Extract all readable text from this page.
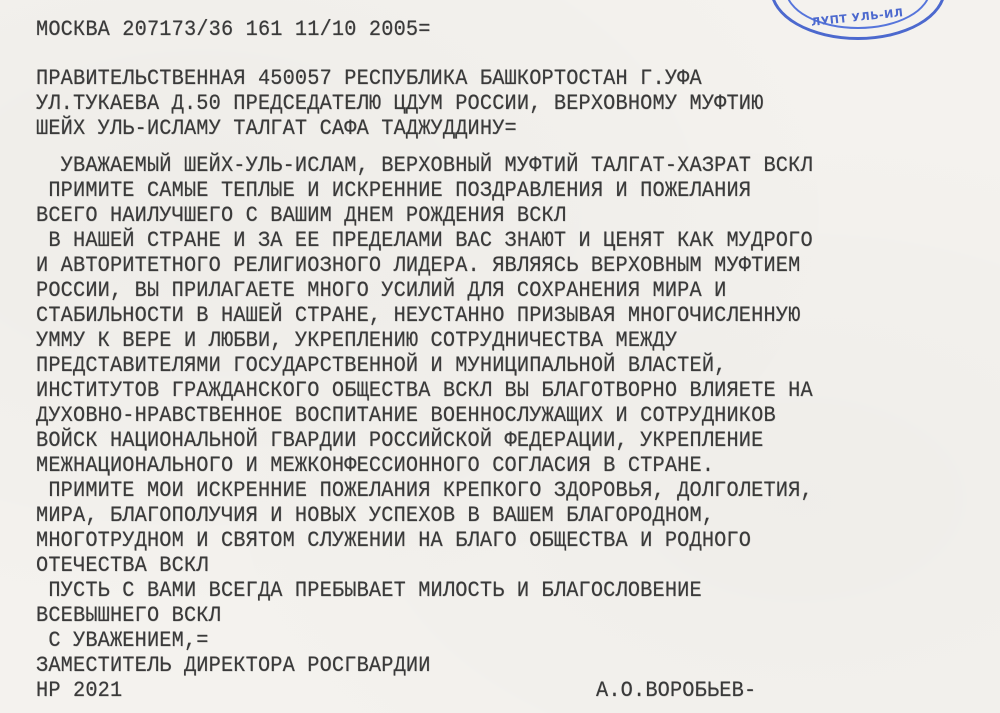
ЛУПТ УЛЬ-ИЛ
МОСКВА 207173/36 161 11/10 2005=
ПРАВИТЕЛЬСТВЕННАЯ 450057 РЕСПУБЛИКА БАШКОРТОСТАН Г.УФА
УЛ.ТУКАЕВА Д.50 ПРЕДСЕДАТЕЛЮ ЦДУМ РОССИИ, ВЕРХОВНОМУ МУФТИЮ
ШЕЙХ УЛЬ-ИСЛАМУ ТАЛГАТ САФА ТАДЖУДДИНУ=
УВАЖАЕМЫЙ ШЕЙХ-УЛЬ-ИСЛАМ, ВЕРХОВНЫЙ МУФТИЙ ТАЛГАТ-ХАЗРАТ ВСКЛ
ПРИМИТЕ САМЫЕ ТЕПЛЫЕ И ИСКРЕННИЕ ПОЗДРАВЛЕНИЯ И ПОЖЕЛАНИЯ
ВСЕГО НАИЛУЧШЕГО С ВАШИМ ДНЕМ РОЖДЕНИЯ ВСКЛ
В НАШЕЙ СТРАНЕ И ЗА ЕЕ ПРЕДЕЛАМИ ВАС ЗНАЮТ И ЦЕНЯТ КАК МУДРОГО
И АВТОРИТЕТНОГО РЕЛИГИОЗНОГО ЛИДЕРА. ЯВЛЯЯСЬ ВЕРХОВНЫМ МУФТИЕМ
РОССИИ, ВЫ ПРИЛАГАЕТЕ МНОГО УСИЛИЙ ДЛЯ СОХРАНЕНИЯ МИРА И
СТАБИЛЬНОСТИ В НАШЕЙ СТРАНЕ, НЕУСТАННО ПРИЗЫВАЯ МНОГОЧИСЛЕННУЮ
УММУ К ВЕРЕ И ЛЮБВИ, УКРЕПЛЕНИЮ СОТРУДНИЧЕСТВА МЕЖДУ
ПРЕДСТАВИТЕЛЯМИ ГОСУДАРСТВЕННОЙ И МУНИЦИПАЛЬНОЙ ВЛАСТЕЙ,
ИНСТИТУТОВ ГРАЖДАНСКОГО ОБЩЕСТВА ВСКЛ ВЫ БЛАГОТВОРНО ВЛИЯЕТЕ НА
ДУХОВНО-НРАВСТВЕННОЕ ВОСПИТАНИЕ ВОЕННОСЛУЖАЩИХ И СОТРУДНИКОВ
ВОЙСК НАЦИОНАЛЬНОЙ ГВАРДИИ РОССИЙСКОЙ ФЕДЕРАЦИИ, УКРЕПЛЕНИЕ
МЕЖНАЦИОНАЛЬНОГО И МЕЖКОНФЕССИОННОГО СОГЛАСИЯ В СТРАНЕ.
ПРИМИТЕ МОИ ИСКРЕННИЕ ПОЖЕЛАНИЯ КРЕПКОГО ЗДОРОВЬЯ, ДОЛГОЛЕТИЯ,
МИРА, БЛАГОПОЛУЧИЯ И НОВЫХ УСПЕХОВ В ВАШЕМ БЛАГОРОДНОМ,
МНОГОТРУДНОМ И СВЯТОМ СЛУЖЕНИИ НА БЛАГО ОБЩЕСТВА И РОДНОГО
ОТЕЧЕСТВА ВСКЛ
ПУСТЬ С ВАМИ ВСЕГДА ПРЕБЫВАЕТ МИЛОСТЬ И БЛАГОСЛОВЕНИЕ
ВСЕВЫШНЕГО ВСКЛ
С УВАЖЕНИЕМ,=
ЗАМЕСТИТЕЛЬ ДИРЕКТОРА РОСГВАРДИИ
НР 2021	А.О.ВОРОБЬЕВ-
